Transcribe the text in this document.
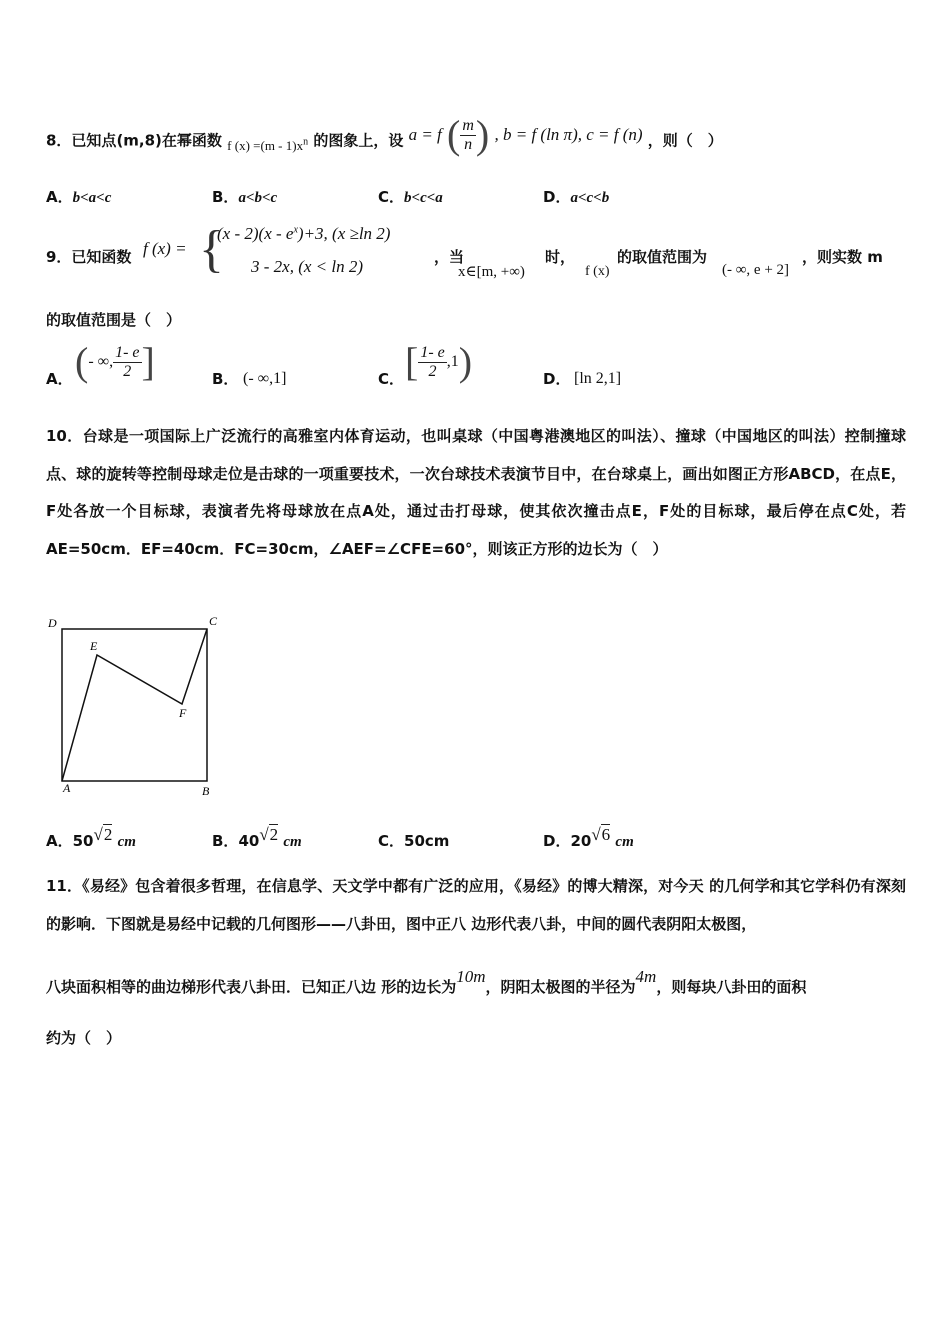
8．已知点(m,8)在幂函数 f $(x) =(m - 1)x^n$ 的图象上，设 a = f ( $\frac{m}{n}$ ) , b = f (ln π), c = f (n) ，则（　）
A．b<a<c	B．a<b<c	C．b<c<a	D．a<c<b
9．已知函数 f (x) = {
$(x - 2)(x - e^x)+3$, (x ≥ln 2)
3 - 2x, (x < ln 2)	，当
x∈[m, +∞)
时，
f (x)
的取值范围为
(- ∞, e + 2]
，则实数 m
的取值范围是（　）
A． (- ∞, $\frac{1- e}{2}$ ]	B． (- ∞,1]	C． [ $\frac{1- e}{2} ,1$)	D． [ln 2,1]
10．台球是一项国际上广泛流行的高雅室内体育运动，也叫桌球（中国粤港澳地区的叫法）、撞球（中国地区的叫法）控制撞球点、球的旋转等控制母球走位是击球的一项重要技术，一次台球技术表演节目中，在台球桌上，画出如图正方形ABCD，在点E，F处各放一个目标球，表演者先将母球放在点A处，通过击打母球，使其依次撞击点E，F处的目标球，最后停在点C处，若AE=50cm．EF=40cm．FC=30cm，∠AEF=∠CFE=60°，则该正方形的边长为（　）
D	C
E
F
A	B
A．50√2 cm	B．40√2 cm	C．50cm	D．20√6 cm
11．《易经》包含着很多哲理，在信息学、天文学中都有广泛的应用，《易经》的博大精深，对今天 的几何学和其它学科仍有深刻的影响．下图就是易经中记载的几何图形——八卦田，图中正八 边形代表八卦，中间的圆代表阴阳太极图，
八块面积相等的曲边梯形代表八卦田．已知正八边 形的边长为10m，阴阳太极图的半径为4m，则每块八卦田的面积
约为（　）
